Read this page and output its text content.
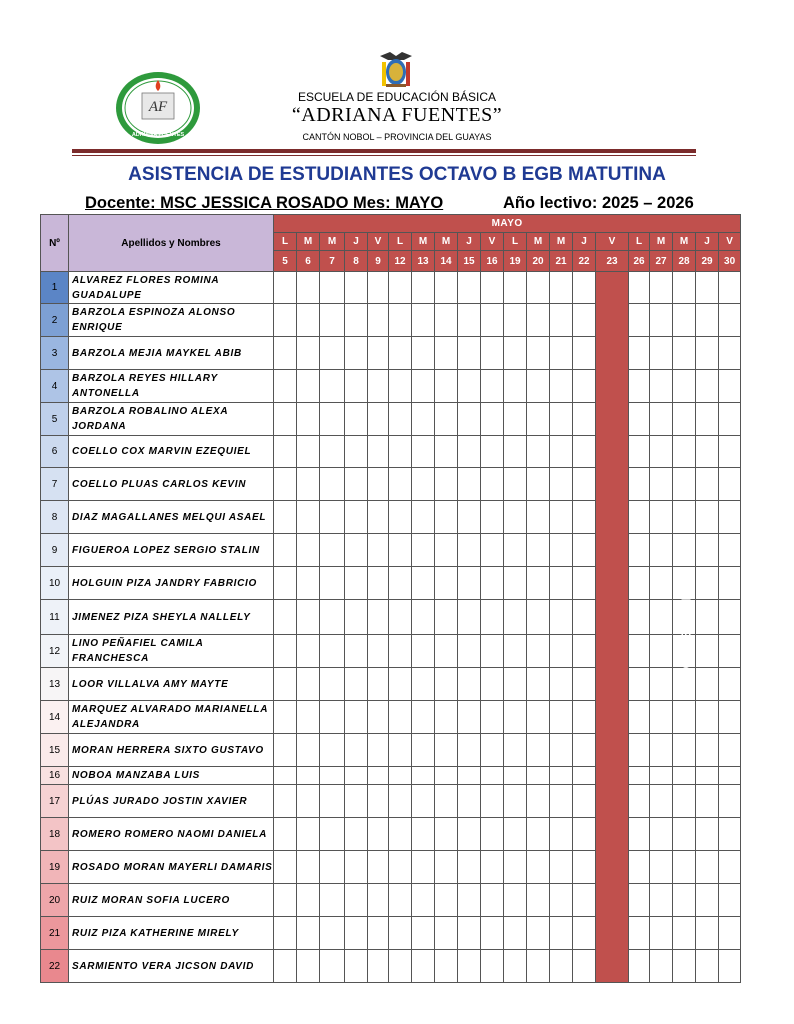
AF
ADRIANA FUENTES
ESCUELA DE EDUCACIÓN BÁSICA
“ADRIANA FUENTES”
CANTÓN NOBOL – PROVINCIA DEL GUAYAS
ASISTENCIA DE ESTUDIANTES OCTAVO B EGB MATUTINA
Docente: MSC JESSICA ROSADO Mes: MAYO	Año lectivo: 2025 – 2026
Nº	Apellidos y Nombres	MAYO																			
		L	M	M	J	V	L	M	M	J	V	L	M	M	J	V	L	M	M	J	V
		5	6	7	8	9	12	13	14	15	16	19	20	21	22	23	26	27	28	29	30
1	ALVAREZ FLORES ROMINA GUADALUPE															FERIADO DEL 24 DE MAYO					
2	BARZOLA ESPINOZA ALONSO ENRIQUE																				
3	BARZOLA MEJIA MAYKEL ABIB																				
4	BARZOLA REYES HILLARY ANTONELLA																				
5	BARZOLA ROBALINO ALEXA JORDANA																				
6	COELLO COX MARVIN EZEQUIEL																				
7	COELLO PLUAS CARLOS KEVIN																				
8	DIAZ MAGALLANES MELQUI ASAEL																				
9	FIGUEROA LOPEZ SERGIO STALIN																				
10	HOLGUIN PIZA JANDRY FABRICIO																				
11	JIMENEZ PIZA SHEYLA NALLELY																				
12	LINO PEÑAFIEL CAMILA FRANCHESCA																				
13	LOOR VILLALVA AMY MAYTE																				
14	MARQUEZ ALVARADO MARIANELLA ALEJANDRA																				
15	MORAN HERRERA SIXTO GUSTAVO																				
16	NOBOA MANZABA LUIS																				
17	PLÚAS JURADO JOSTIN XAVIER																				
18	ROMERO ROMERO NAOMI DANIELA																				
19	ROSADO MORAN MAYERLI DAMARIS																				
20	RUIZ MORAN SOFIA LUCERO																				
21	RUIZ PIZA KATHERINE MIRELY																				
22	SARMIENTO VERA JICSON DAVID																				
